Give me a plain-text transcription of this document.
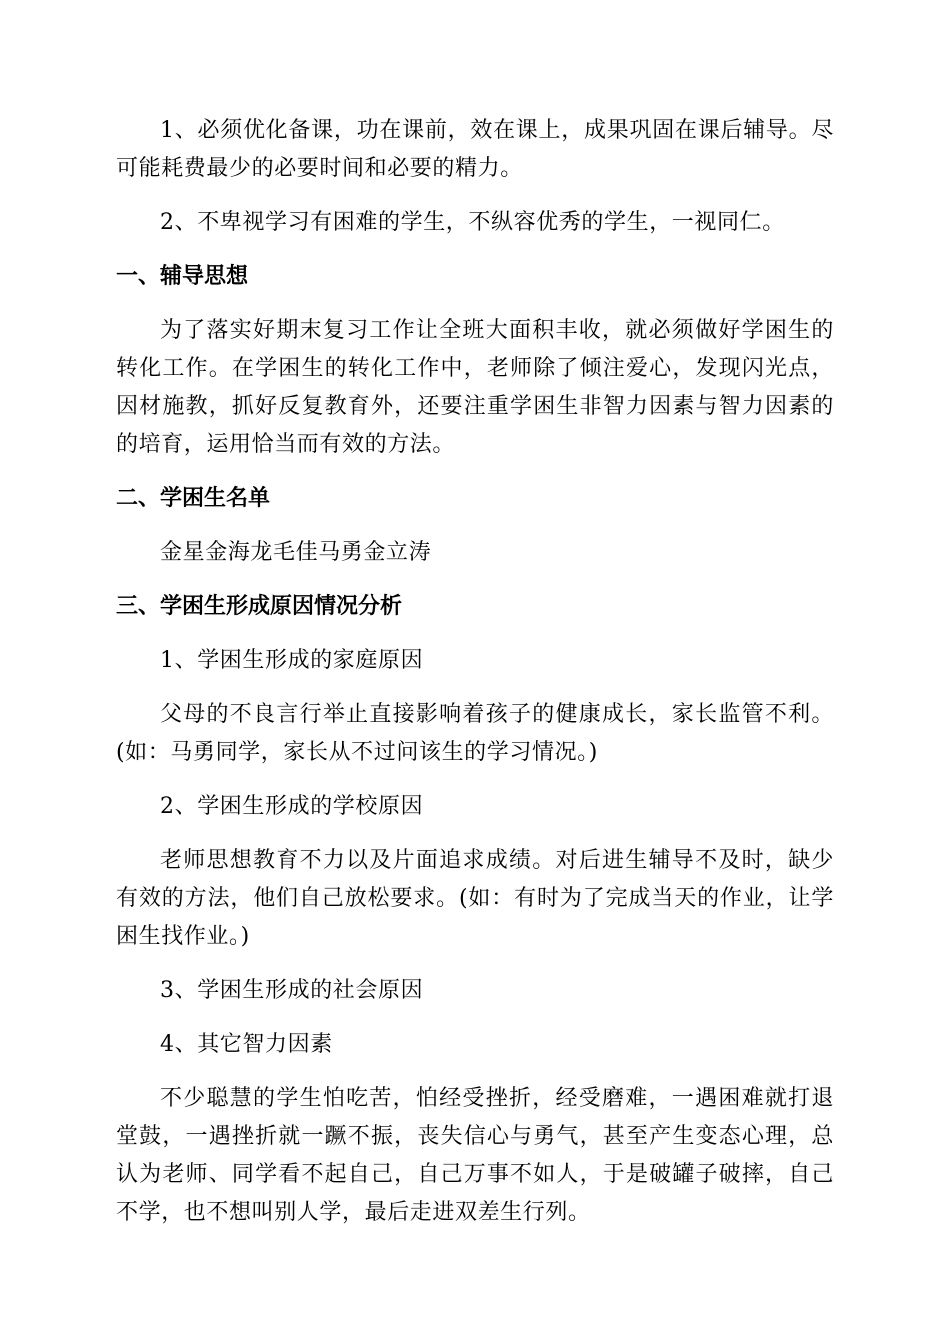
1、必须优化备课，功在课前，效在课上，成果巩固在课后辅导。尽可能耗费最少的必要时间和必要的精力。

2、不卑视学习有困难的学生，不纵容优秀的学生，一视同仁。

一、辅导思想

为了落实好期末复习工作让全班大面积丰收，就必须做好学困生的转化工作。在学困生的转化工作中，老师除了倾注爱心，发现闪光点，因材施教，抓好反复教育外，还要注重学困生非智力因素与智力因素的的培育，运用恰当而有效的方法。

二、学困生名单

金星金海龙毛佳马勇金立涛

三、学困生形成原因情况分析

1、学困生形成的家庭原因

父母的不良言行举止直接影响着孩子的健康成长，家长监管不利。(如：马勇同学，家长从不过问该生的学习情况。)

2、学困生形成的学校原因

老师思想教育不力以及片面追求成绩。对后进生辅导不及时，缺少有效的方法，他们自己放松要求。(如：有时为了完成当天的作业，让学困生找作业。)

3、学困生形成的社会原因

4、其它智力因素

不少聪慧的学生怕吃苦，怕经受挫折，经受磨难，一遇困难就打退堂鼓，一遇挫折就一蹶不振，丧失信心与勇气，甚至产生变态心理，总认为老师、同学看不起自己，自己万事不如人，于是破罐子破摔，自己不学，也不想叫别人学，最后走进双差生行列。
